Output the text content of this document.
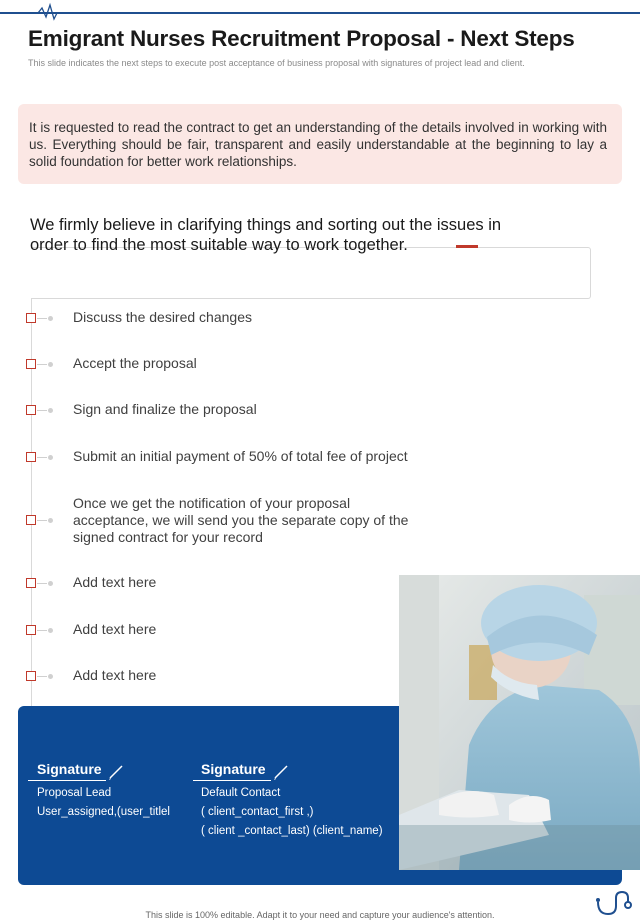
Emigrant Nurses Recruitment Proposal - Next Steps
This slide indicates the next steps to execute post acceptance of business proposal with signatures of project lead and client.
It is requested to read the contract to get an understanding of the details involved in working with us. Everything should be fair, transparent and easily understandable at the beginning to lay a solid foundation for better work relationships.
We firmly believe in clarifying things and sorting out the issues in order to find the most suitable way to work together.
Discuss the desired changes
Accept the proposal
Sign and finalize the proposal
Submit an initial payment of 50% of total fee of project
Once we get the notification of your proposal acceptance, we will send you the separate copy of the signed contract for your record
Add text here
Add text here
Add text here
Signature
Proposal Lead
User_assigned,(user_titlel
Signature
Default Contact
( client_contact_first ,)
( client _contact_last) (client_name)
This slide is 100% editable. Adapt it to your need and capture your audience's attention.
